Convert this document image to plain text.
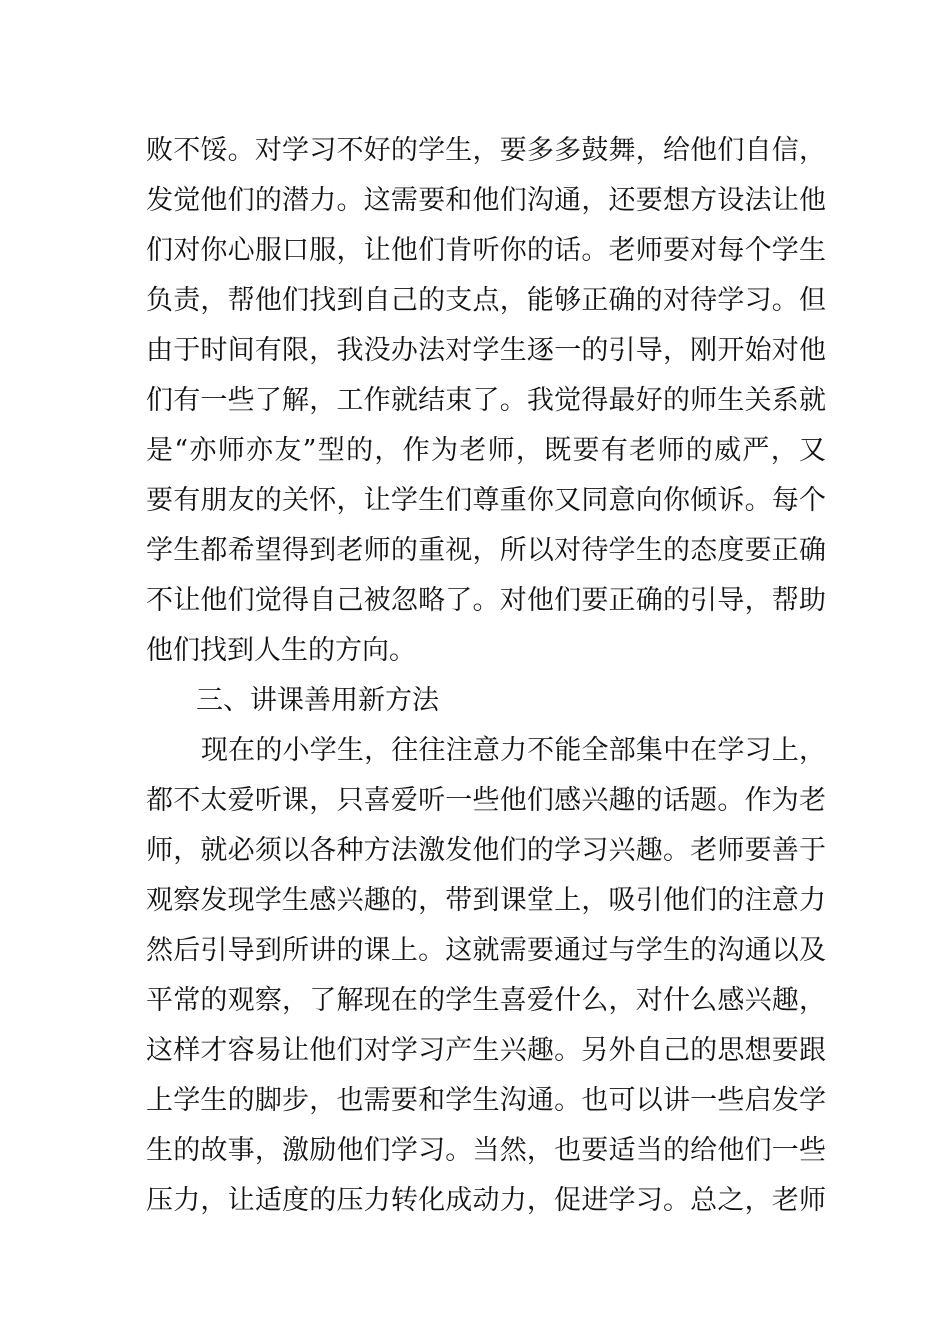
败不馁。对学习不好的学生，要多多鼓舞，给他们自信，
发觉他们的潜力。这需要和他们沟通，还要想方设法让他
们对你心服口服，让他们肯听你的话。老师要对每个学生
负责，帮他们找到自己的支点，能够正确的对待学习。但
由于时间有限，我没办法对学生逐一的引导，刚开始对他
们有一些了解，工作就结束了。我觉得最好的师生关系就
是“亦师亦友”型的，作为老师，既要有老师的威严，又
要有朋友的关怀，让学生们尊重你又同意向你倾诉。每个
学生都希望得到老师的重视，所以对待学生的态度要正确
不让他们觉得自己被忽略了。对他们要正确的引导，帮助
他们找到人生的方向。
三、讲课善用新方法
现在的小学生，往往注意力不能全部集中在学习上，
都不太爱听课，只喜爱听一些他们感兴趣的话题。作为老
师，就必须以各种方法激发他们的学习兴趣。老师要善于
观察发现学生感兴趣的，带到课堂上，吸引他们的注意力
然后引导到所讲的课上。这就需要通过与学生的沟通以及
平常的观察，了解现在的学生喜爱什么，对什么感兴趣，
这样才容易让他们对学习产生兴趣。另外自己的思想要跟
上学生的脚步，也需要和学生沟通。也可以讲一些启发学
生的故事，激励他们学习。当然，也要适当的给他们一些
压力，让适度的压力转化成动力，促进学习。总之，老师
